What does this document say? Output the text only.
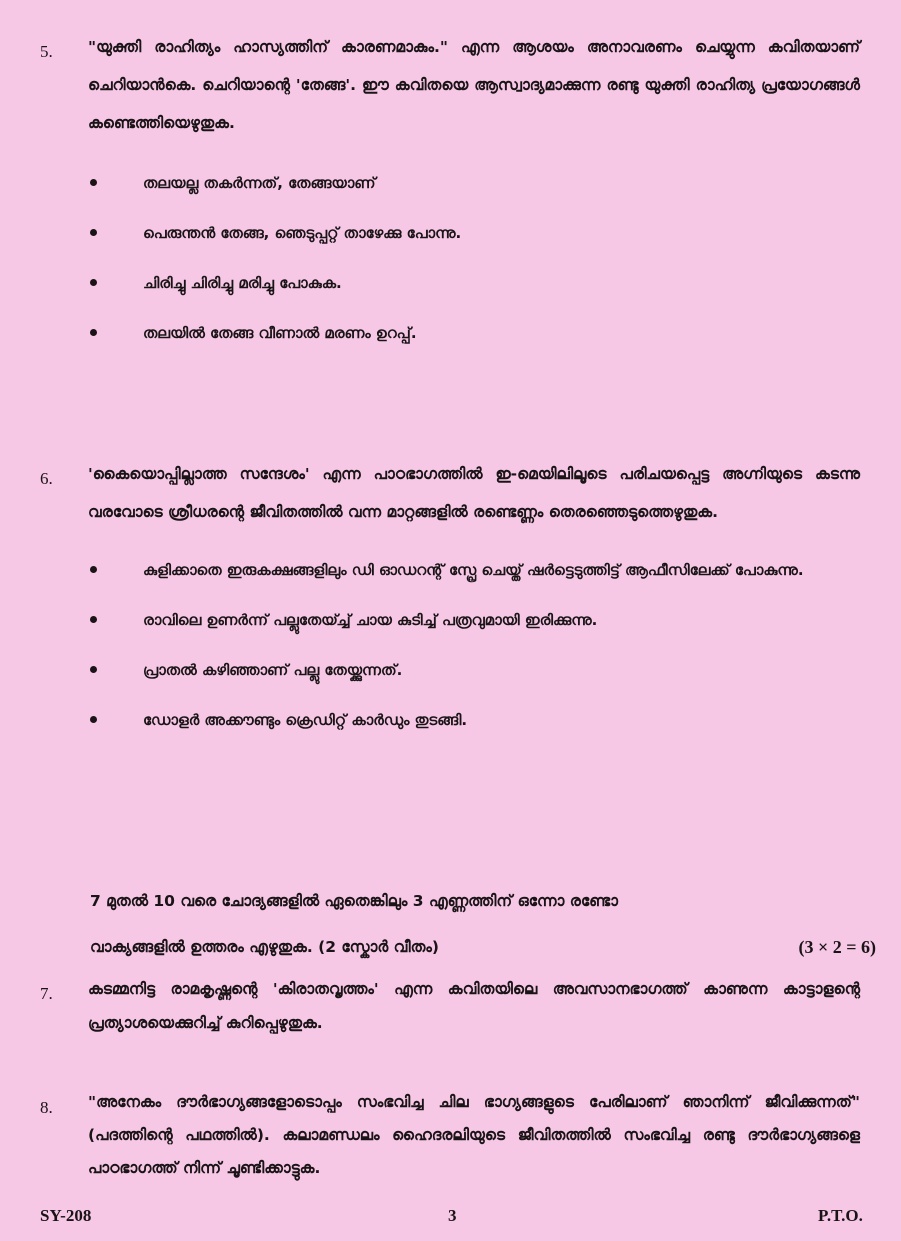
5. "യുക്തി രാഹിത്യം ഹാസ്യത്തിന് കാരണമാകും." എന്ന ആശയം അനാവരണം ചെയ്യുന്ന കവിതയാണ് ചെറിയാൻകെ. ചെറിയാന്റെ 'തേങ്ങ'. ഈ കവിതയെ ആസ്വാദ്യമാക്കുന്ന രണ്ടു യുക്തി രാഹിത്യ പ്രയോഗങ്ങൾ കണ്ടെത്തിയെഴുതുക.
തലയല്ല തകർന്നത്, തേങ്ങയാണ്
പെരുന്തൻ തേങ്ങ, ഞെടുപ്പറ്റ് താഴേക്കു പോന്നു.
ചിരിച്ചു ചിരിച്ചു മരിച്ചു പോകുക.
തലയിൽ തേങ്ങ വീണാൽ മരണം ഉറപ്പ്.
6. 'കൈയൊപ്പില്ലാത്ത സന്ദേശം' എന്ന പാഠഭാഗത്തിൽ ഇ-മെയിലിലൂടെ പരിചയപ്പെട്ട അഗ്നിയുടെ കടന്നു വരവോടെ ശ്രീധരന്റെ ജീവിതത്തിൽ വന്ന മാറ്റങ്ങളിൽ രണ്ടെണ്ണം തെരഞ്ഞെടുത്തെഴുതുക.
കുളിക്കാതെ ഇരുകക്ഷങ്ങളിലും ഡി ഓഡറന്റ് സ്പ്രേ ചെയ്ത് ഷർട്ടെടുത്തിട്ട് ആഫീസിലേക്ക് പോകുന്നു.
രാവിലെ ഉണർന്ന് പല്ലുതേയ്ച്ച് ചായ കുടിച്ച് പത്രവുമായി ഇരിക്കുന്നു.
പ്രാതൽ കഴിഞ്ഞാണ് പല്ലു തേയ്ക്കുന്നത്.
ഡോളർ അക്കൗണ്ടും ക്രെഡിറ്റ് കാർഡും തുടങ്ങി.
7 മുതൽ 10 വരെ ചോദ്യങ്ങളിൽ ഏതെങ്കിലും 3 എണ്ണത്തിന് ഒന്നോ രണ്ടോ
വാക്യങ്ങളിൽ ഉത്തരം എഴുതുക. (2 സ്കോർ വീതം)	(3 × 2 = 6)
7. കടമ്മനിട്ട രാമകൃഷ്ണന്റെ 'കിരാതവൃത്തം' എന്ന കവിതയിലെ അവസാനഭാഗത്ത് കാണുന്ന കാട്ടാളന്റെ പ്രത്യാശയെക്കുറിച്ച് കുറിപ്പെഴുതുക.
8. "അനേകം ദൗർഭാഗ്യങ്ങളോടൊപ്പം സംഭവിച്ച ചില ഭാഗ്യങ്ങളുടെ പേരിലാണ് ഞാനിന്ന് ജീവിക്കുന്നത്" (പദത്തിന്റെ പഥത്തിൽ). കലാമണ്ഡലം ഹൈദരലിയുടെ ജീവിതത്തിൽ സംഭവിച്ച രണ്ടു ദൗർഭാഗ്യങ്ങളെ പാഠഭാഗത്ത് നിന്ന് ചൂണ്ടിക്കാട്ടുക.
SY-208	3	P.T.O.
